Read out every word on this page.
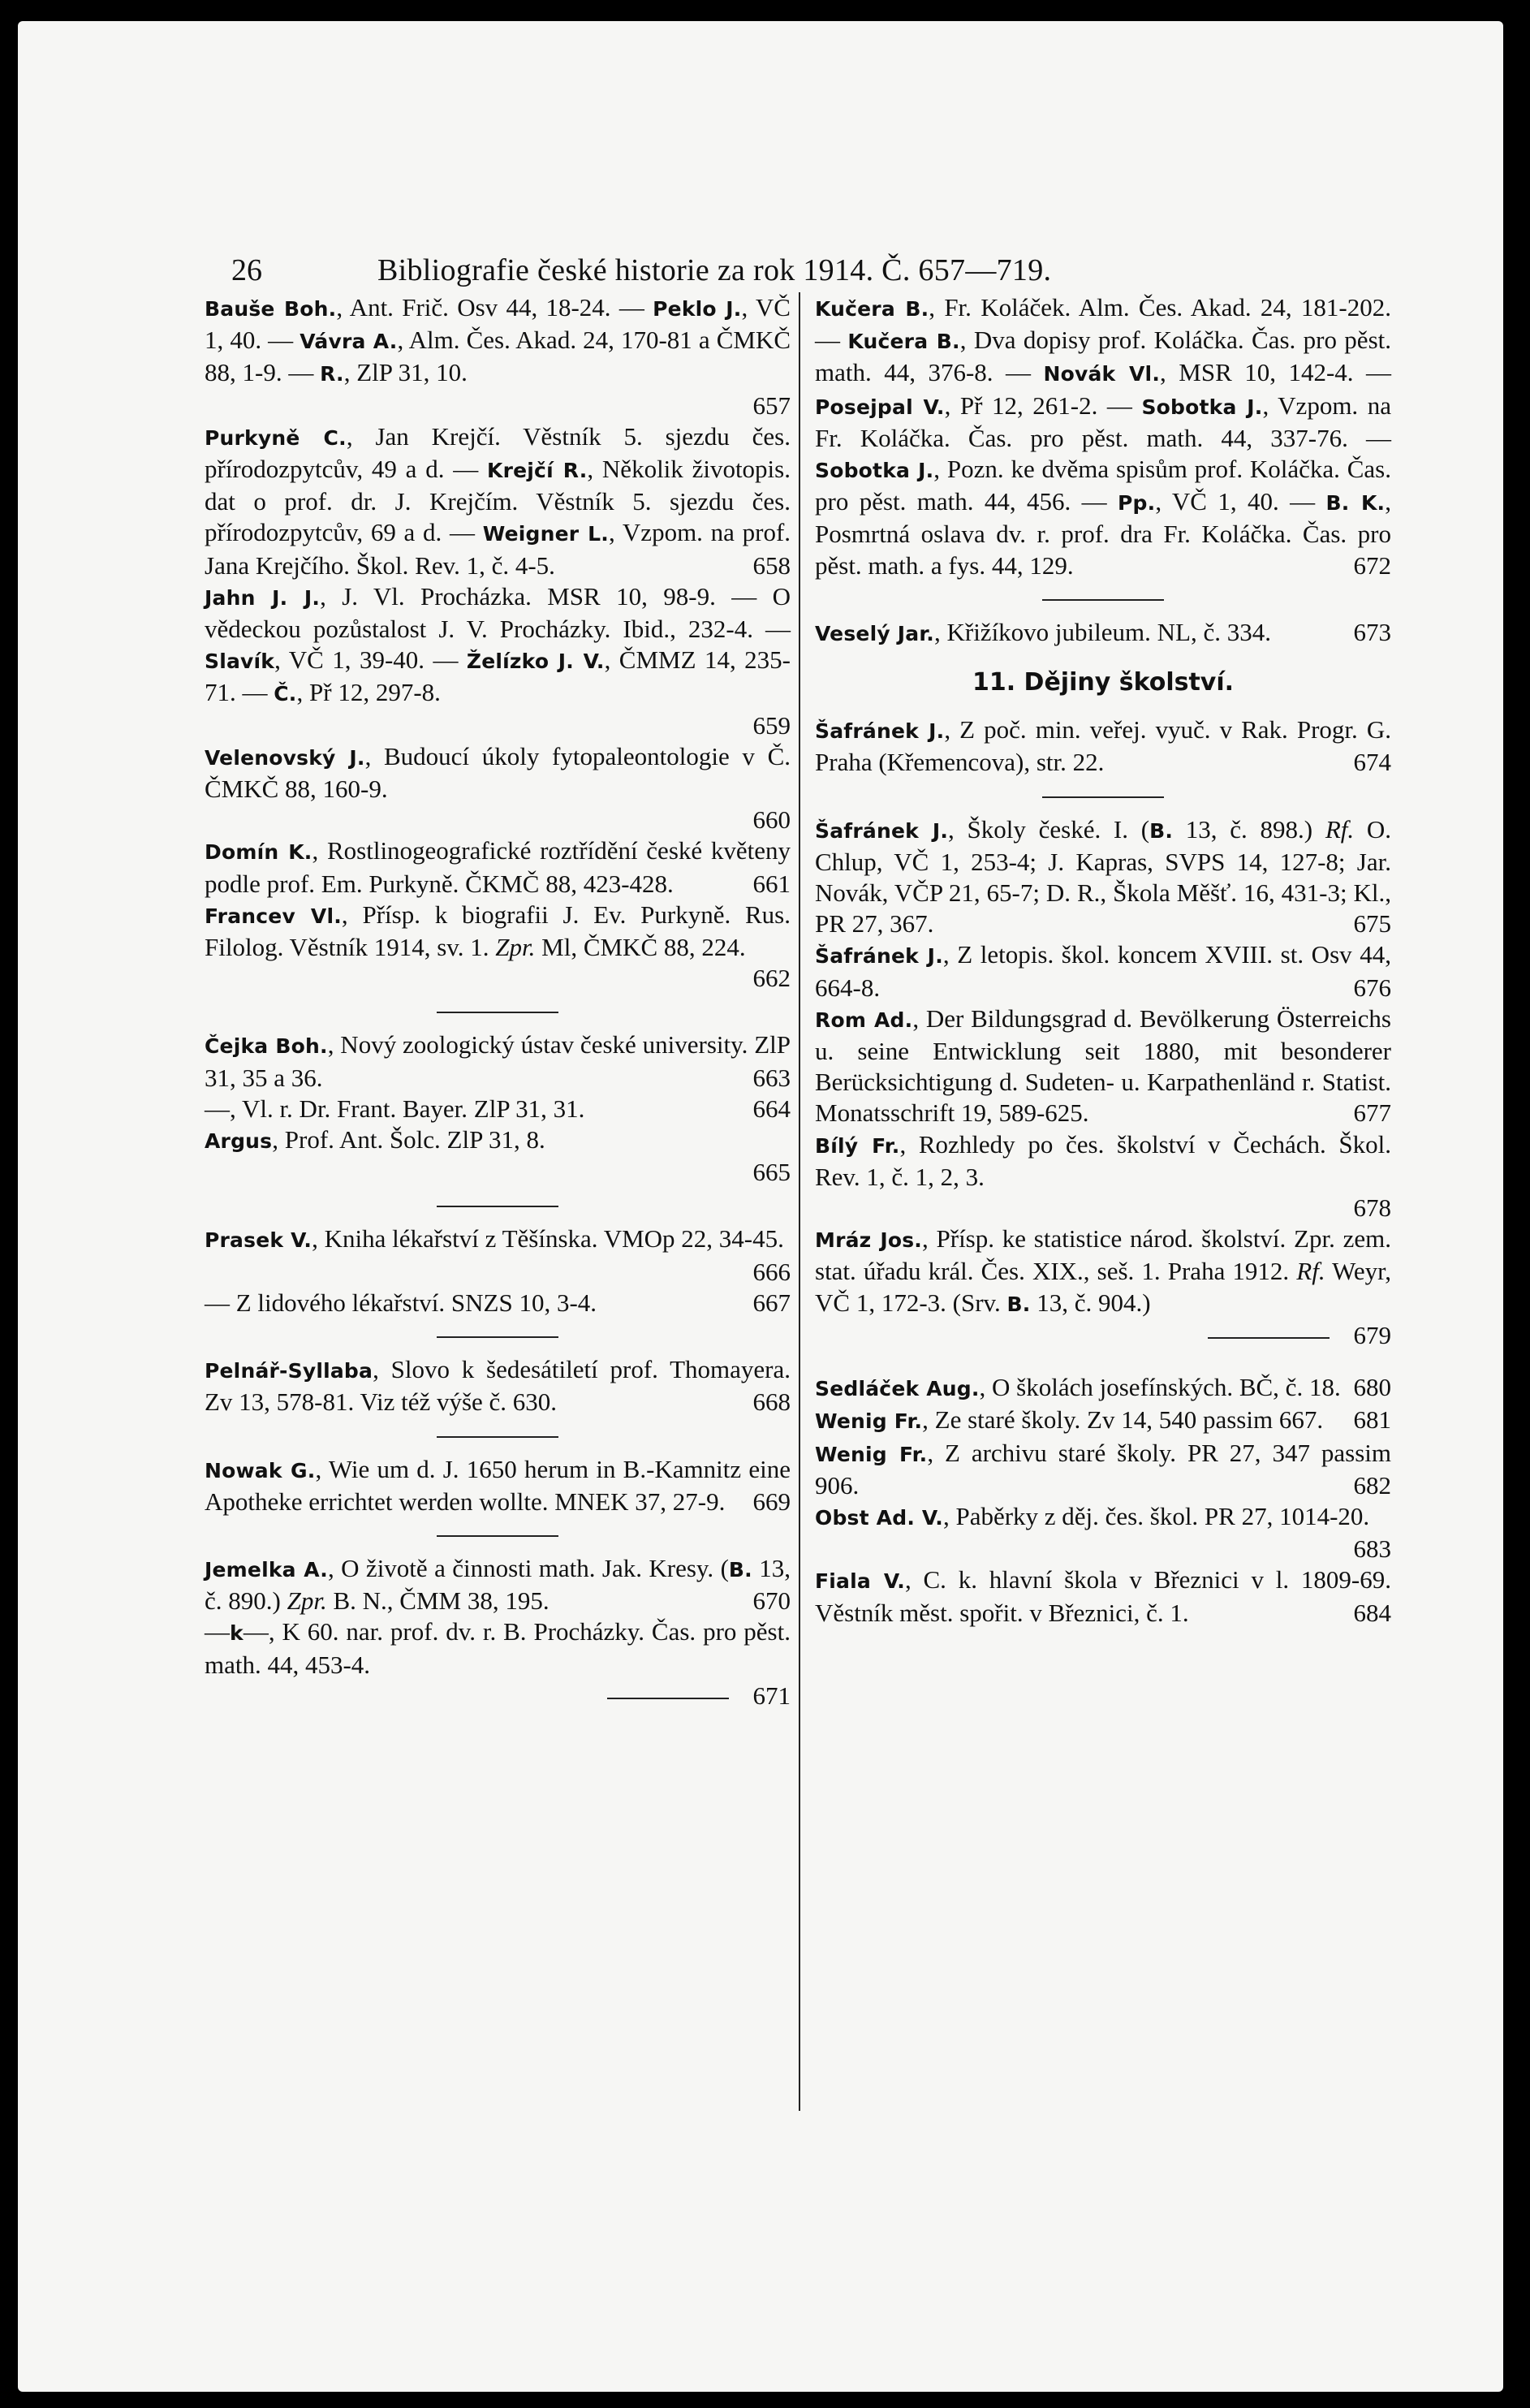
26	Bibliografie české historie za rok 1914. Č. 657—719.

Bauše Boh., Ant. Frič. Osv 44, 18-24. — Peklo J., VČ 1, 40. — Vávra A., Alm. Čes. Akad. 24, 170-81 a ČMKČ 88, 1-9. — R., ZlP 31, 10.

657

Purkyně C., Jan Krejčí. Věstník 5. sjezdu čes. přírodozpytcův, 49 a d. — Krejčí R., Několik životopis. dat o prof. dr. J. Krejčím. Věstník 5. sjezdu čes. přírodozpytcův, 69 a d. — Weigner L., Vzpom. na prof. Jana Krejčího. Škol. Rev. 1, č. 4-5.	658

Jahn J. J., J. Vl. Procházka. MSR 10, 98-9. — O vědeckou pozůstalost J. V. Procházky. Ibid., 232-4. — Slavík, VČ 1, 39-40. — Želízko J. V., ČMMZ 14, 235-71. — Č., Př 12, 297-8.

659

Velenovský J., Budoucí úkoly fytopaleontologie v Č. ČMKČ 88, 160-9.

660

Domín K., Rostlinogeografické roztřídění české květeny podle prof. Em. Purkyně. ČKMČ 88, 423-428.	661

Francev Vl., Přísp. k biografii J. Ev. Purkyně. Rus. Filolog. Věstník 1914, sv. 1. Zpr. Ml, ČMKČ 88, 224.

662

Čejka Boh., Nový zoologický ústav české university. ZlP 31, 35 a 36.	663

—, Vl. r. Dr. Frant. Bayer. ZlP 31, 31.	664

Argus, Prof. Ant. Šolc. ZlP 31, 8.

665

Prasek V., Kniha lékařství z Těšínska. VMOp 22, 34-45.
666

— Z lidového lékařství. SNZS 10, 3-4.	667

Pelnář-Syllaba, Slovo k šedesátiletí prof. Thomayera. Zv 13, 578-81. Viz též výše č. 630.	668

Nowak G., Wie um d. J. 1650 herum in B.-Kamnitz eine Apotheke errichtet werden wollte. MNEK 37, 27-9. 669

Jemelka A., O životě a činnosti math. Jak. Kresy. (B. 13, č. 890.) Zpr. B. N., ČMM 38, 195.	670

—k—, K 60. nar. prof. dv. r. B. Procházky. Čas. pro pěst. math. 44, 453-4.

671

Kučera B., Fr. Koláček. Alm. Čes. Akad. 24, 181-202. — Kučera B., Dva dopisy prof. Koláčka. Čas. pro pěst. math. 44, 376-8. — Novák Vl., MSR 10, 142-4. — Posejpal V., Př 12, 261-2. — Sobotka J., Vzpom. na Fr. Koláčka. Čas. pro pěst. math. 44, 337-76. — Sobotka J., Pozn. ke dvěma spisům prof. Koláčka. Čas. pro pěst. math. 44, 456. — Pp., VČ 1, 40. — B. K., Posmrtná oslava dv. r. prof. dra Fr. Koláčka. Čas. pro pěst. math. a fys. 44, 129.	672

Veselý Jar., Křižíkovo jubileum. NL, č. 334.	673

11. Dějiny školství.

Šafránek J., Z poč. min. veřej. vyuč. v Rak. Progr. G. Praha (Křemencova), str. 22.	674

Šafránek J., Školy české. I. (B. 13, č. 898.) Rf. O. Chlup, VČ 1, 253-4; J. Kapras, SVPS 14, 127-8; Jar. Novák, VČP 21, 65-7; D. R., Škola Měšť. 16, 431-3; Kl., PR 27, 367.	675

Šafránek J., Z letopis. škol. koncem XVIII. st. Osv 44, 664-8.	676

Rom Ad., Der Bildungsgrad d. Bevölkerung Österreichs u. seine Entwicklung seit 1880, mit besonderer Berücksichtigung d. Sudeten- u. Karpathenländ r. Statist. Monatsschrift 19, 589-625.	677

Bílý Fr., Rozhledy po čes. školství v Čechách. Škol. Rev. 1, č. 1, 2, 3.

678

Mráz Jos., Přísp. ke statistice národ. školství. Zpr. zem. stat. úřadu král. Čes. XIX., seš. 1. Praha 1912. Rf. Weyr, VČ 1, 172-3. (Srv. B. 13, č. 904.)

679

Sedláček Aug., O školách josefínských. BČ, č. 18. 680

Wenig Fr., Ze staré školy. Zv 14, 540 passim 667. 681

Wenig Fr., Z archivu staré školy. PR 27, 347 passim 906.	682

Obst Ad. V., Paběrky z děj. čes. škol. PR 27, 1014-20.
683

Fiala V., C. k. hlavní škola v Březnici v l. 1809-69. Věstník měst. spořit. v Březnici, č. 1.	684
